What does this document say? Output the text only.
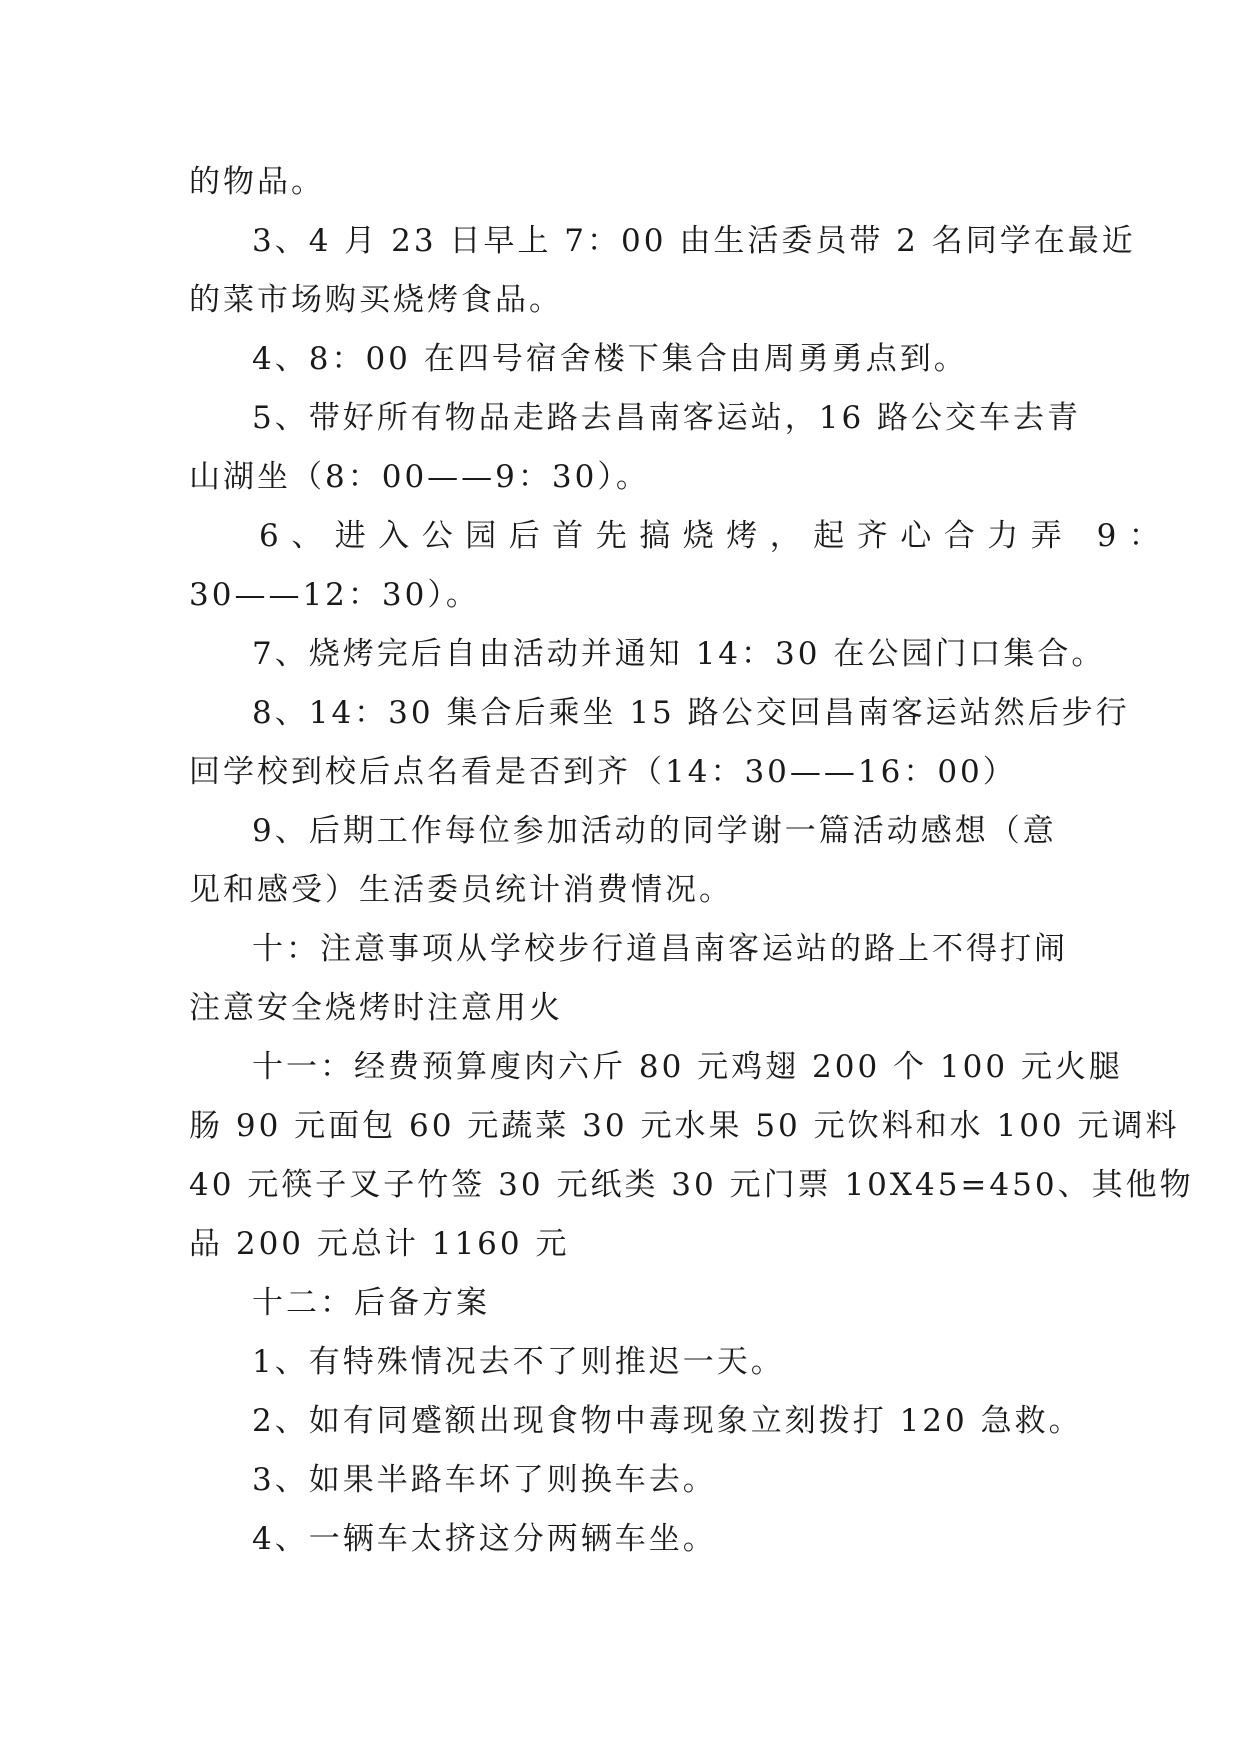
的物品。
3、4 月 23 日早上 7：00 由生活委员带 2 名同学在最近
的菜市场购买烧烤食品。
4、8：00 在四号宿舍楼下集合由周勇勇点到。
5、带好所有物品走路去昌南客运站，16 路公交车去青
山湖坐（8：00——9：30）。
6、进入公园后首先搞烧烤，起齐心合力弄 9：
30——12：30）。
7、烧烤完后自由活动并通知 14：30 在公园门口集合。
8、14：30 集合后乘坐 15 路公交回昌南客运站然后步行
回学校到校后点名看是否到齐（14：30——16：00）
9、后期工作每位参加活动的同学谢一篇活动感想（意
见和感受）生活委员统计消费情况。
十：注意事项从学校步行道昌南客运站的路上不得打闹
注意安全烧烤时注意用火
十一：经费预算廋肉六斤 80 元鸡翅 200 个 100 元火腿
肠 90 元面包 60 元蔬菜 30 元水果 50 元饮料和水 100 元调料
40 元筷子叉子竹签 30 元纸类 30 元门票 10X45=450、其他物
品 200 元总计 1160 元
十二：后备方案
1、有特殊情况去不了则推迟一天。
2、如有同蹙额出现食物中毒现象立刻拨打 120 急救。
3、如果半路车坏了则换车去。
4、一辆车太挤这分两辆车坐。
